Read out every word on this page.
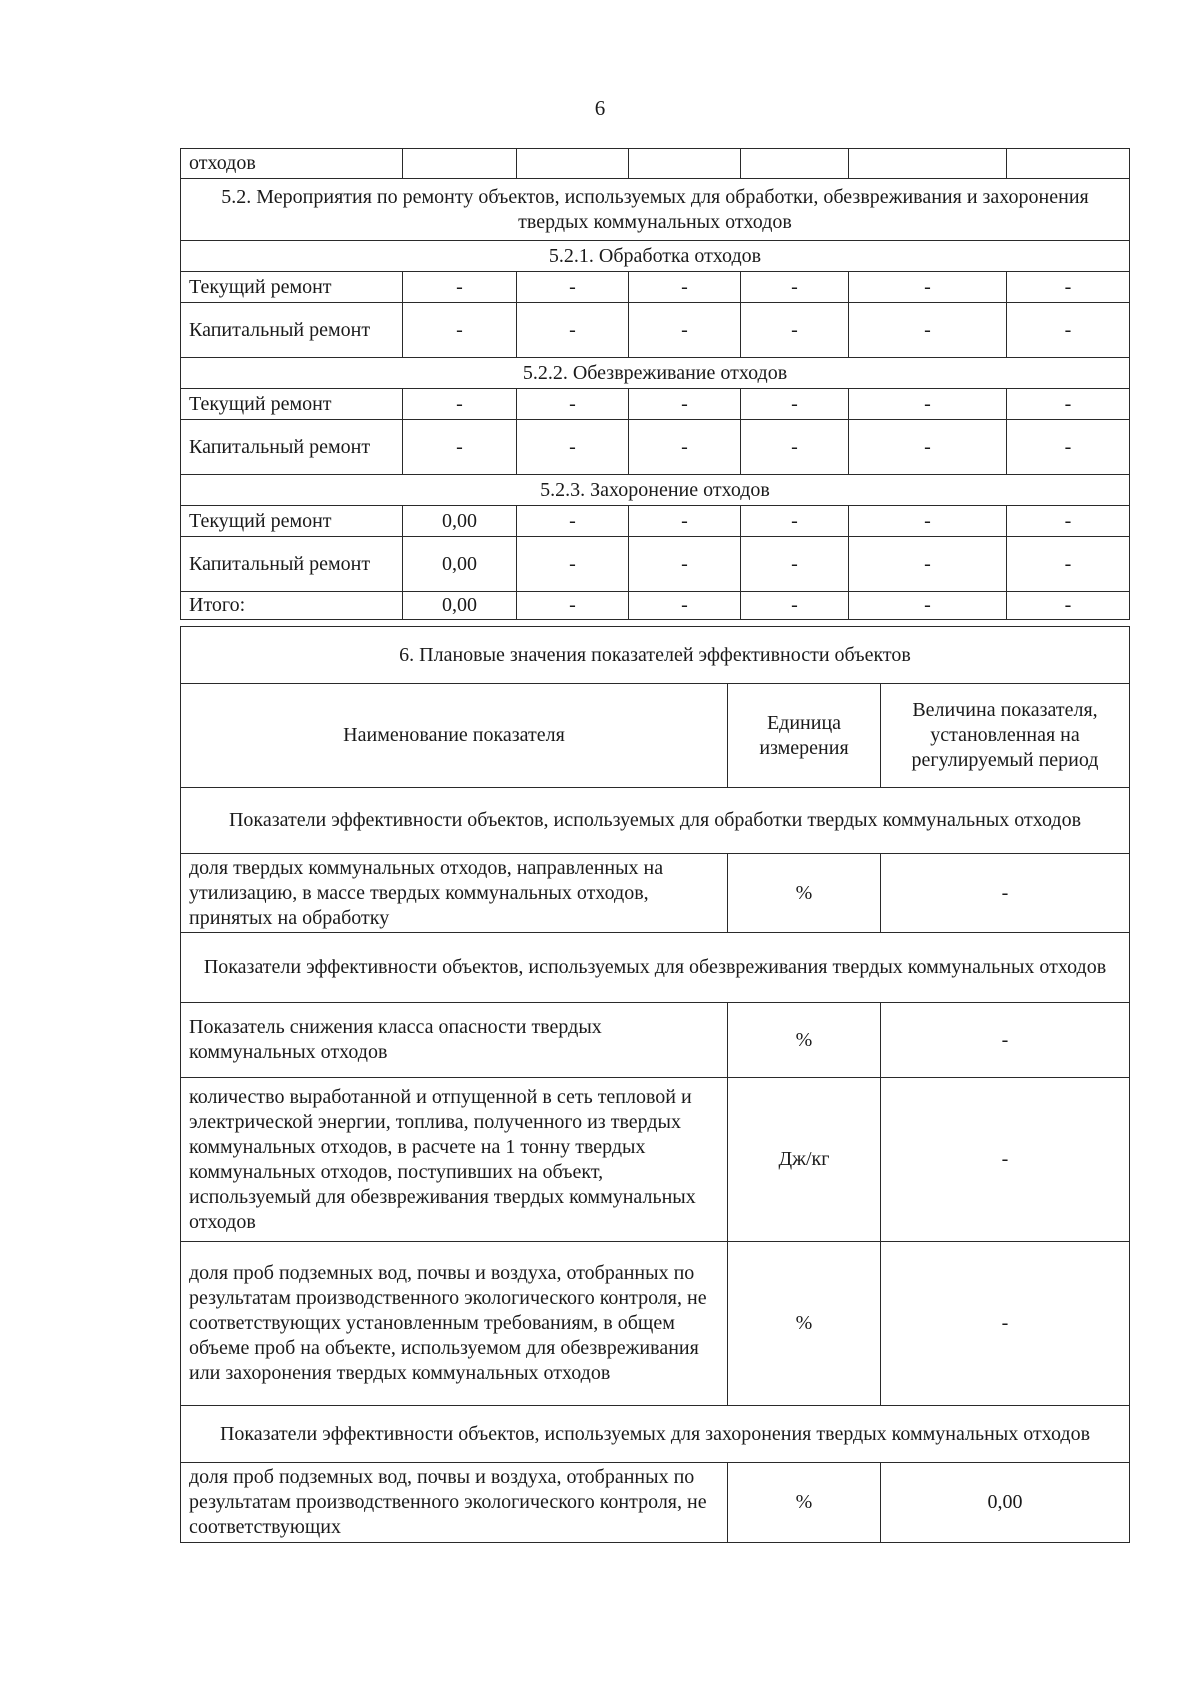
6
отходов						
5.2. Мероприятия по ремонту объектов, используемых для обработки, обезвреживания и захоронения твердых коммунальных отходов						
5.2.1. Обработка отходов						
Текущий ремонт	-	-	-	-	-	-
Капитальный ремонт	-	-	-	-	-	-
5.2.2. Обезвреживание отходов						
Текущий ремонт	-	-	-	-	-	-
Капитальный ремонт	-	-	-	-	-	-
5.2.3. Захоронение отходов						
Текущий ремонт	0,00	-	-	-	-	-
Капитальный ремонт	0,00	-	-	-	-	-
Итого:	0,00	-	-	-	-	-
6. Плановые значения показателей эффективности объектов		
Наименование показателя	Единица измерения	Величина показателя, установленная на регулируемый период
Показатели эффективности объектов, используемых для обработки твердых коммунальных отходов		
доля твердых коммунальных отходов, направленных на утилизацию, в массе твердых коммунальных отходов, принятых на обработку	%	-
Показатели эффективности объектов, используемых для обезвреживания твердых коммунальных отходов		
Показатель снижения класса опасности твердых коммунальных отходов	%	-
количество выработанной и отпущенной в сеть тепловой и электрической энергии, топлива, полученного из твердых коммунальных отходов, в расчете на 1 тонну твердых коммунальных отходов, поступивших на объект, используемый для обезвреживания твердых коммунальных отходов	Дж/кг	-
доля проб подземных вод, почвы и воздуха, отобранных по результатам производственного экологического контроля, не соответствующих установленным требованиям, в общем объеме проб на объекте, используемом для обезвреживания или захоронения твердых коммунальных отходов	%	-
Показатели эффективности объектов, используемых для захоронения твердых коммунальных отходов		
доля проб подземных вод, почвы и воздуха, отобранных по результатам производственного экологического контроля, не соответствующих	%	0,00
